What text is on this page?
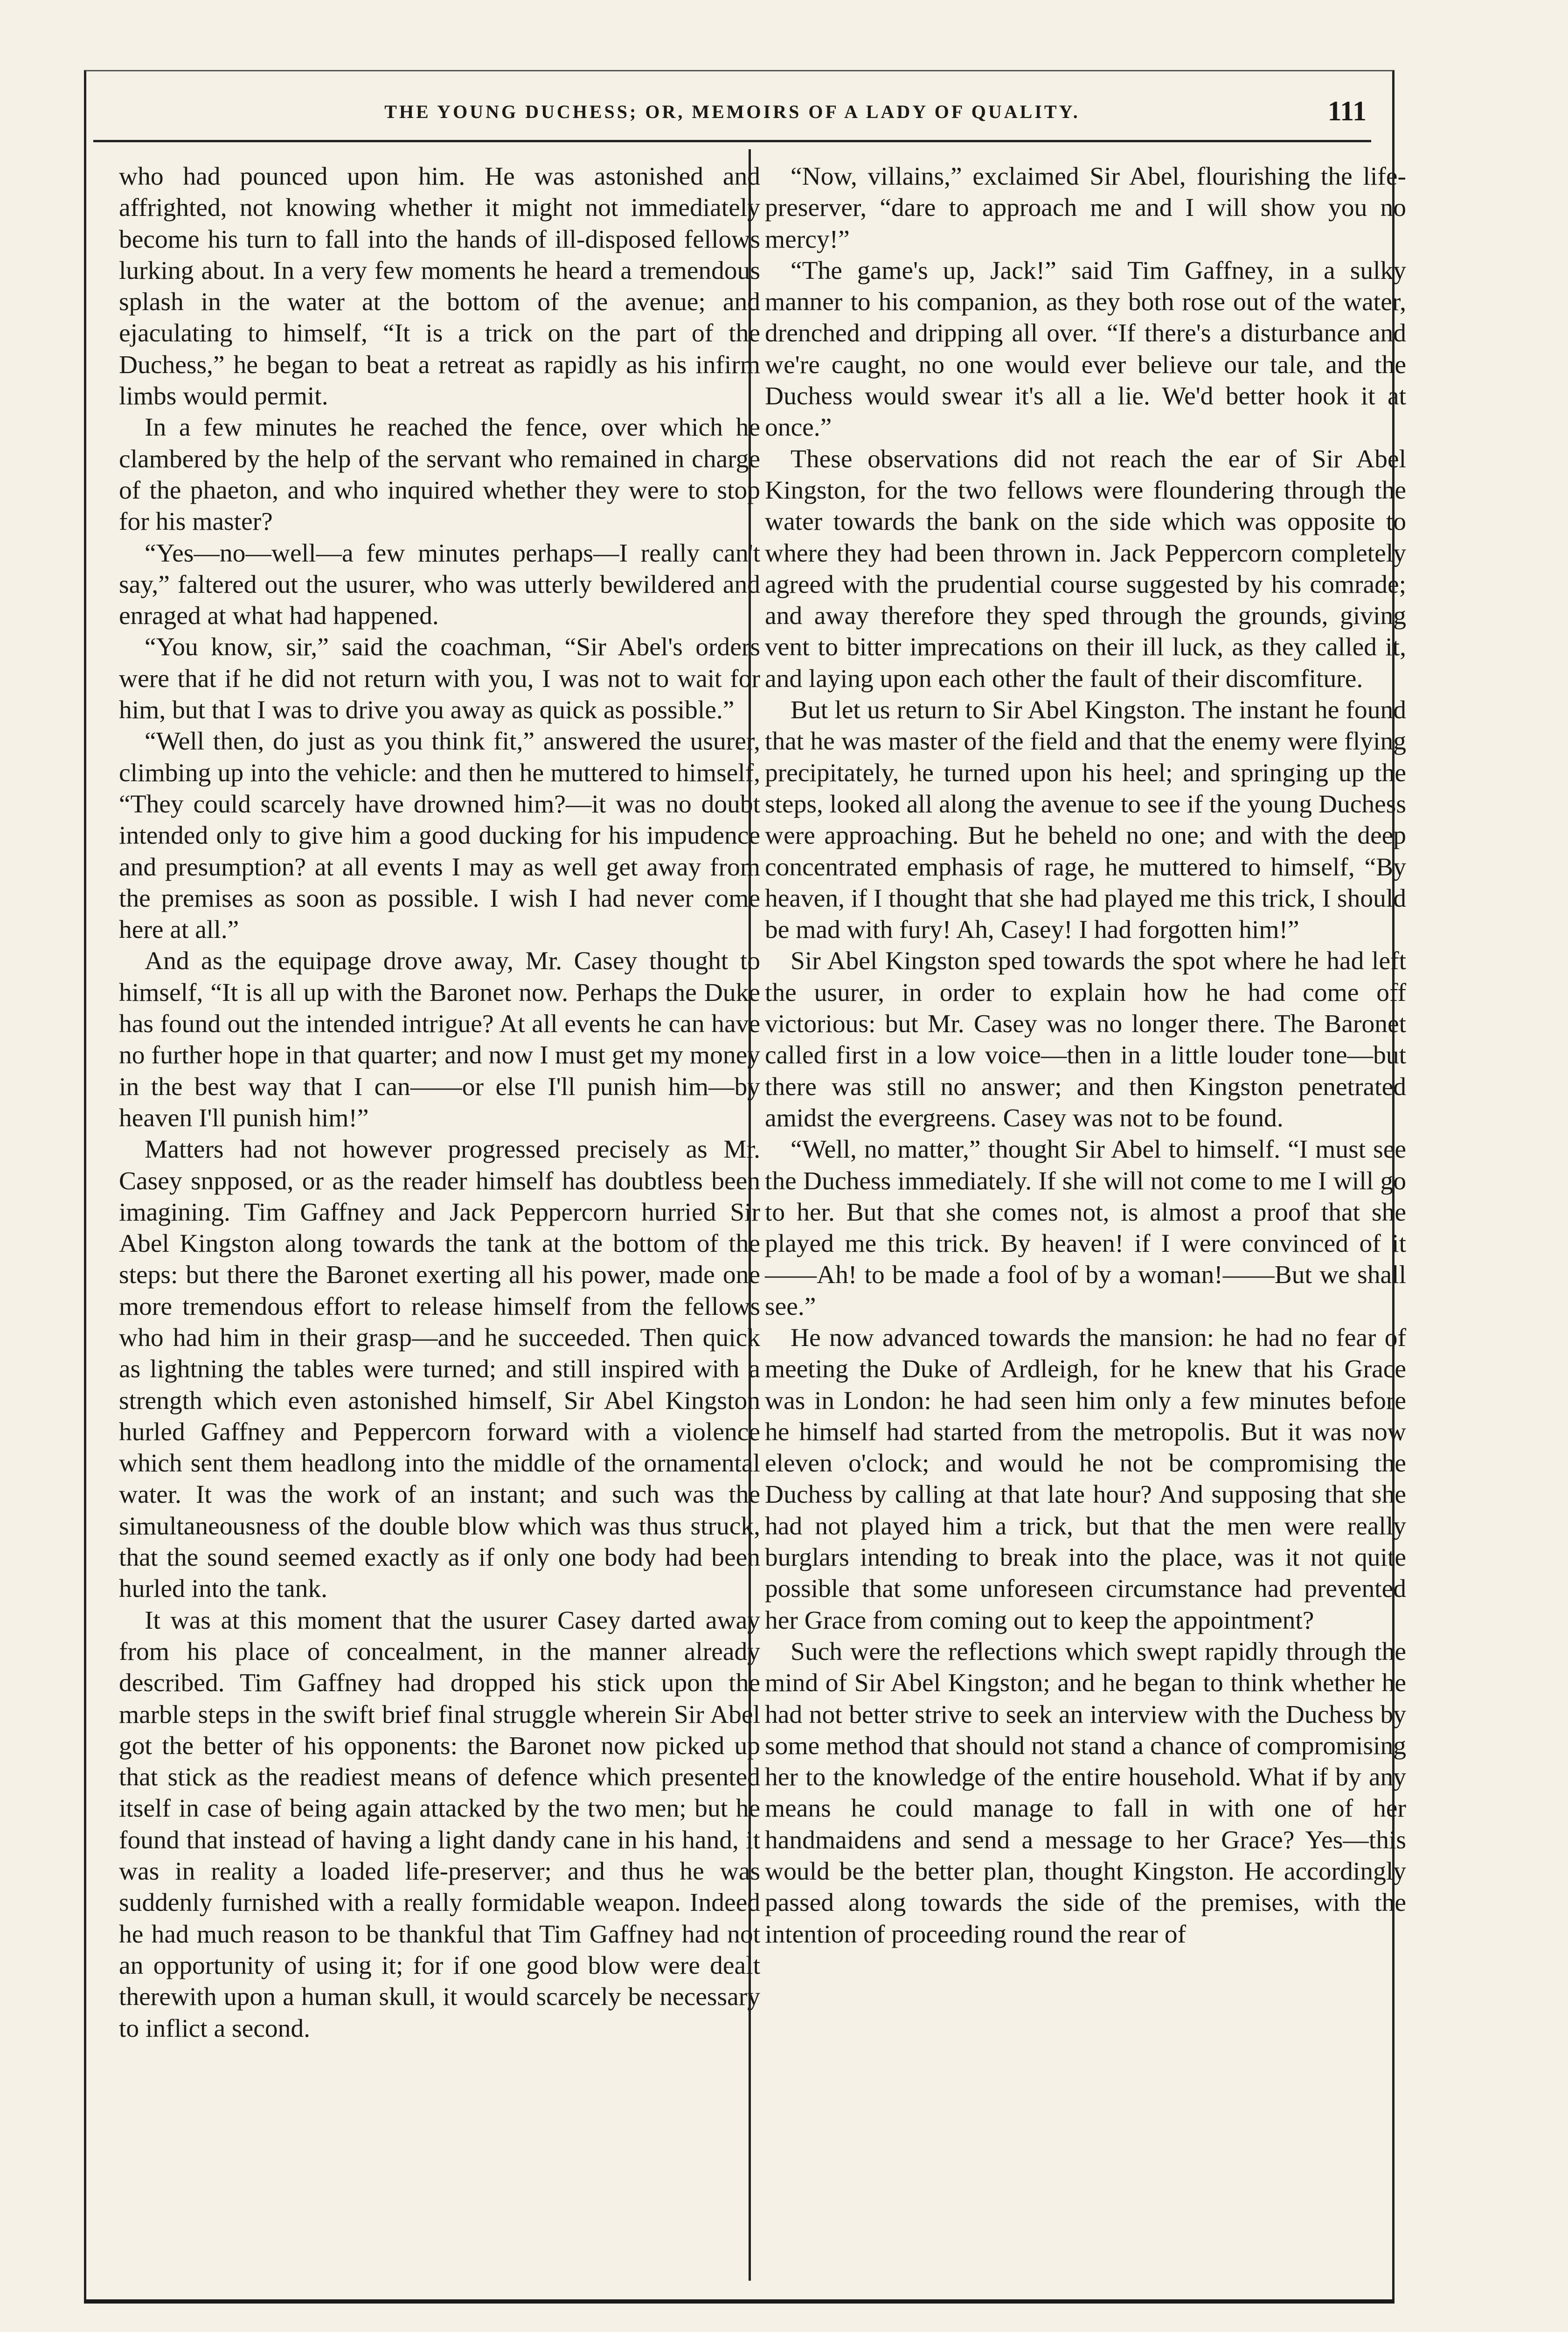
THE YOUNG DUCHESS; OR, MEMOIRS OF A LADY OF QUALITY.	111

who had pounced upon him. He was astonished and affrighted, not knowing whether it might not immediately become his turn to fall into the hands of ill-disposed fellows lurking about. In a very few moments he heard a tremendous splash in the water at the bottom of the avenue; and ejaculating to himself, “It is a trick on the part of the Duchess,” he began to beat a retreat as rapidly as his infirm limbs would permit.

In a few minutes he reached the fence, over which he clambered by the help of the servant who remained in charge of the phaeton, and who inquired whether they were to stop for his master?

“Yes—no—well—a few minutes perhaps—I really can't say,” faltered out the usurer, who was utterly bewildered and enraged at what had happened.

“You know, sir,” said the coachman, “Sir Abel's orders were that if he did not return with you, I was not to wait for him, but that I was to drive you away as quick as possible.”

“Well then, do just as you think fit,” answered the usurer, climbing up into the vehicle: and then he muttered to himself, “They could scarcely have drowned him?—it was no doubt intended only to give him a good ducking for his impudence and presumption? at all events I may as well get away from the premises as soon as possible. I wish I had never come here at all.”

And as the equipage drove away, Mr. Casey thought to himself, “It is all up with the Baronet now. Perhaps the Duke has found out the intended intrigue? At all events he can have no further hope in that quarter; and now I must get my money in the best way that I can——or else I'll punish him—by heaven I'll punish him!”

Matters had not however progressed precisely as Mr. Casey snpposed, or as the reader himself has doubtless been imagining. Tim Gaffney and Jack Peppercorn hurried Sir Abel Kingston along towards the tank at the bottom of the steps: but there the Baronet exerting all his power, made one more tremendous effort to release himself from the fellows who had him in their grasp—and he succeeded. Then quick as lightning the tables were turned; and still inspired with a strength which even astonished himself, Sir Abel Kingston hurled Gaffney and Peppercorn forward with a violence which sent them headlong into the middle of the ornamental water. It was the work of an instant; and such was the simultaneousness of the double blow which was thus struck, that the sound seemed exactly as if only one body had been hurled into the tank.

It was at this moment that the usurer Casey darted away from his place of concealment, in the manner already described. Tim Gaffney had dropped his stick upon the marble steps in the swift brief final struggle wherein Sir Abel got the better of his opponents: the Baronet now picked up that stick as the readiest means of defence which presented itself in case of being again attacked by the two men; but he found that instead of having a light dandy cane in his hand, it was in reality a loaded life-preserver; and thus he was suddenly furnished with a really formidable weapon. Indeed he had much reason to be thankful that Tim Gaffney had not an opportunity of using it; for if one good blow were dealt therewith upon a human skull, it would scarcely be necessary to inflict a second.

“Now, villains,” exclaimed Sir Abel, flourishing the life-preserver, “dare to approach me and I will show you no mercy!”

“The game's up, Jack!” said Tim Gaffney, in a sulky manner to his companion, as they both rose out of the water, drenched and dripping all over. “If there's a disturbance and we're caught, no one would ever believe our tale, and the Duchess would swear it's all a lie. We'd better hook it at once.”

These observations did not reach the ear of Sir Abel Kingston, for the two fellows were floundering through the water towards the bank on the side which was opposite to where they had been thrown in. Jack Peppercorn completely agreed with the prudential course suggested by his comrade; and away therefore they sped through the grounds, giving vent to bitter imprecations on their ill luck, as they called it, and laying upon each other the fault of their discomfiture.

But let us return to Sir Abel Kingston. The instant he found that he was master of the field and that the enemy were flying precipitately, he turned upon his heel; and springing up the steps, looked all along the avenue to see if the young Duchess were approaching. But he beheld no one; and with the deep concentrated emphasis of rage, he muttered to himself, “By heaven, if I thought that she had played me this trick, I should be mad with fury! Ah, Casey! I had forgotten him!”

Sir Abel Kingston sped towards the spot where he had left the usurer, in order to explain how he had come off victorious: but Mr. Casey was no longer there. The Baronet called first in a low voice—then in a little louder tone—but there was still no answer; and then Kingston penetrated amidst the evergreens. Casey was not to be found.

“Well, no matter,” thought Sir Abel to himself. “I must see the Duchess immediately. If she will not come to me I will go to her. But that she comes not, is almost a proof that she played me this trick. By heaven! if I were convinced of it——Ah! to be made a fool of by a woman!——But we shall see.”

He now advanced towards the mansion: he had no fear of meeting the Duke of Ardleigh, for he knew that his Grace was in London: he had seen him only a few minutes before he himself had started from the metropolis. But it was now eleven o'clock; and would he not be compromising the Duchess by calling at that late hour? And supposing that she had not played him a trick, but that the men were really burglars intending to break into the place, was it not quite possible that some unforeseen circumstance had prevented her Grace from coming out to keep the appointment?

Such were the reflections which swept rapidly through the mind of Sir Abel Kingston; and he began to think whether he had not better strive to seek an interview with the Duchess by some method that should not stand a chance of compromising her to the knowledge of the entire household. What if by any means he could manage to fall in with one of her handmaidens and send a message to her Grace? Yes—this would be the better plan, thought Kingston. He accordingly passed along towards the side of the premises, with the intention of proceeding round the rear of
